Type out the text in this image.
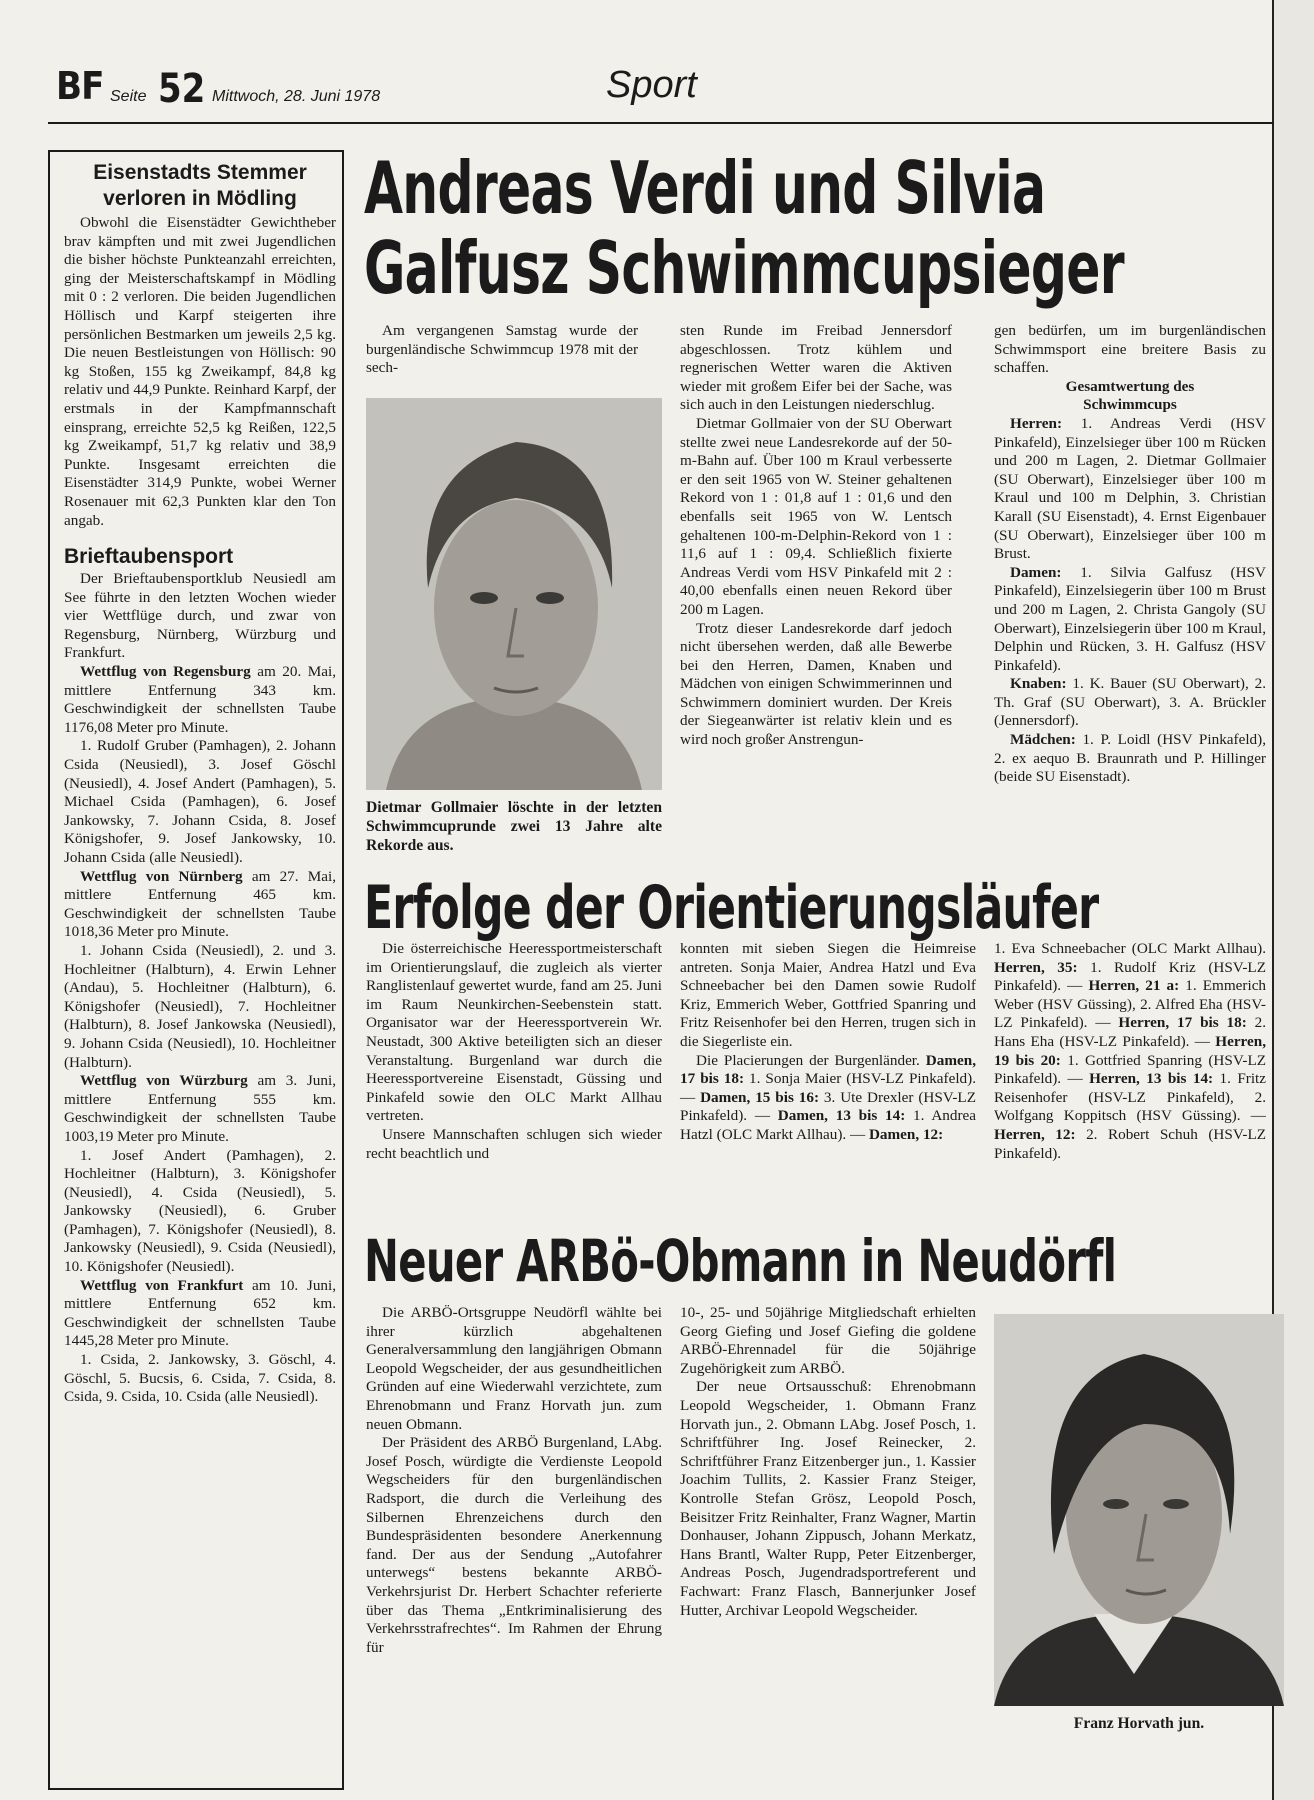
BF Seite 52 Mittwoch, 28. Juni 1978	Sport
Eisenstadts Stemmer
verloren in Mödling

Obwohl die Eisenstädter Gewichtheber brav kämpften und mit zwei Jugendlichen die bisher höchste Punkteanzahl erreichten, ging der Meisterschaftskampf in Mödling mit 0 : 2 verloren. Die beiden Jugendlichen Höllisch und Karpf steigerten ihre persönlichen Bestmarken um jeweils 2,5 kg. Die neuen Bestleistungen von Höllisch: 90 kg Stoßen, 155 kg Zweikampf, 84,8 kg relativ und 44,9 Punkte. Reinhard Karpf, der erstmals in der Kampfmannschaft einsprang, erreichte 52,5 kg Reißen, 122,5 kg Zweikampf, 51,7 kg relativ und 38,9 Punkte. Insgesamt erreichten die Eisenstädter 314,9 Punkte, wobei Werner Rosenauer mit 62,3 Punkten klar den Ton angab.

Brieftaubensport

Der Brieftaubensportklub Neusiedl am See führte in den letzten Wochen wieder vier Wettflüge durch, und zwar von Regensburg, Nürnberg, Würzburg und Frankfurt.

Wettflug von Regensburg am 20. Mai, mittlere Entfernung 343 km. Geschwindigkeit der schnellsten Taube 1176,08 Meter pro Minute.

1. Rudolf Gruber (Pamhagen), 2. Johann Csida (Neusiedl), 3. Josef Göschl (Neusiedl), 4. Josef Andert (Pamhagen), 5. Michael Csida (Pamhagen), 6. Josef Jankowsky, 7. Johann Csida, 8. Josef Königshofer, 9. Josef Jankowsky, 10. Johann Csida (alle Neusiedl).

Wettflug von Nürnberg am 27. Mai, mittlere Entfernung 465 km. Geschwindigkeit der schnellsten Taube 1018,36 Meter pro Minute.

1. Johann Csida (Neusiedl), 2. und 3. Hochleitner (Halbturn), 4. Erwin Lehner (Andau), 5. Hochleitner (Halbturn), 6. Königshofer (Neusiedl), 7. Hochleitner (Halbturn), 8. Josef Jankowska (Neusiedl), 9. Johann Csida (Neusiedl), 10. Hochleitner (Halbturn).

Wettflug von Würzburg am 3. Juni, mittlere Entfernung 555 km. Geschwindigkeit der schnellsten Taube 1003,19 Meter pro Minute.

1. Josef Andert (Pamhagen), 2. Hochleitner (Halbturn), 3. Königshofer (Neusiedl), 4. Csida (Neusiedl), 5. Jankowsky (Neusiedl), 6. Gruber (Pamhagen), 7. Königshofer (Neusiedl), 8. Jankowsky (Neusiedl), 9. Csida (Neusiedl), 10. Königshofer (Neusiedl).

Wettflug von Frankfurt am 10. Juni, mittlere Entfernung 652 km. Geschwindigkeit der schnellsten Taube 1445,28 Meter pro Minute.

1. Csida, 2. Jankowsky, 3. Göschl, 4. Göschl, 5. Bucsis, 6. Csida, 7. Csida, 8. Csida, 9. Csida, 10. Csida (alle Neusiedl).

Andreas Verdi und Silvia
Galfusz Schwimmcupsieger

Am vergangenen Samstag wurde der burgenländische Schwimmcup 1978 mit der sech-

Dietmar Gollmaier löschte in der letzten Schwimmcuprunde zwei 13 Jahre alte Rekorde aus.

sten Runde im Freibad Jennersdorf abgeschlossen. Trotz kühlem und regnerischen Wetter waren die Aktiven wieder mit großem Eifer bei der Sache, was sich auch in den Leistungen niederschlug.

Dietmar Gollmaier von der SU Oberwart stellte zwei neue Landesrekorde auf der 50-m-Bahn auf. Über 100 m Kraul verbesserte er den seit 1965 von W. Steiner gehaltenen Rekord von 1 : 01,8 auf 1 : 01,6 und den ebenfalls seit 1965 von W. Lentsch gehaltenen 100-m-Delphin-Rekord von 1 : 11,6 auf 1 : 09,4. Schließlich fixierte Andreas Verdi vom HSV Pinkafeld mit 2 : 40,00 ebenfalls einen neuen Rekord über 200 m Lagen.

Trotz dieser Landesrekorde darf jedoch nicht übersehen werden, daß alle Bewerbe bei den Herren, Damen, Knaben und Mädchen von einigen Schwimmerinnen und Schwimmern dominiert wurden. Der Kreis der Siegeanwärter ist relativ klein und es wird noch großer Anstrengun-

gen bedürfen, um im burgenländischen Schwimmsport eine breitere Basis zu schaffen.

Gesamtwertung des

Schwimmcups

Herren: 1. Andreas Verdi (HSV Pinkafeld), Einzelsieger über 100 m Rücken und 200 m Lagen, 2. Dietmar Gollmaier (SU Oberwart), Einzelsieger über 100 m Kraul und 100 m Delphin, 3. Christian Karall (SU Eisenstadt), 4. Ernst Eigenbauer (SU Oberwart), Einzelsieger über 100 m Brust.

Damen: 1. Silvia Galfusz (HSV Pinkafeld), Einzelsiegerin über 100 m Brust und 200 m Lagen, 2. Christa Gangoly (SU Oberwart), Einzelsiegerin über 100 m Kraul, Delphin und Rücken, 3. H. Galfusz (HSV Pinkafeld).

Knaben: 1. K. Bauer (SU Oberwart), 2. Th. Graf (SU Oberwart), 3. A. Brückler (Jennersdorf).

Mädchen: 1. P. Loidl (HSV Pinkafeld), 2. ex aequo B. Braunrath und P. Hillinger (beide SU Eisenstadt).

Erfolge der Orientierungsläufer

Die österreichische Heeressportmeisterschaft im Orientierungslauf, die zugleich als vierter Ranglistenlauf gewertet wurde, fand am 25. Juni im Raum Neunkirchen-Seebenstein statt. Organisator war der Heeressportverein Wr. Neustadt, 300 Aktive beteiligten sich an dieser Veranstaltung. Burgenland war durch die Heeressportvereine Eisenstadt, Güssing und Pinkafeld sowie den OLC Markt Allhau vertreten.

Unsere Mannschaften schlugen sich wieder recht beachtlich und

konnten mit sieben Siegen die Heimreise antreten. Sonja Maier, Andrea Hatzl und Eva Schneebacher bei den Damen sowie Rudolf Kriz, Emmerich Weber, Gottfried Spanring und Fritz Reisenhofer bei den Herren, trugen sich in die Siegerliste ein.

Die Placierungen der Burgenländer. Damen, 17 bis 18: 1. Sonja Maier (HSV-LZ Pinkafeld). — Damen, 15 bis 16: 3. Ute Drexler (HSV-LZ Pinkafeld). — Damen, 13 bis 14: 1. Andrea Hatzl (OLC Markt Allhau). — Damen, 12:

1. Eva Schneebacher (OLC Markt Allhau). Herren, 35: 1. Rudolf Kriz (HSV-LZ Pinkafeld). — Herren, 21 a: 1. Emmerich Weber (HSV Güssing), 2. Alfred Eha (HSV-LZ Pinkafeld). — Herren, 17 bis 18: 2. Hans Eha (HSV-LZ Pinkafeld). — Herren, 19 bis 20: 1. Gottfried Spanring (HSV-LZ Pinkafeld). — Herren, 13 bis 14: 1. Fritz Reisenhofer (HSV-LZ Pinkafeld), 2. Wolfgang Koppitsch (HSV Güssing). — Herren, 12: 2. Robert Schuh (HSV-LZ Pinkafeld).

Neuer ARBö-Obmann in Neudörfl

Die ARBÖ-Ortsgruppe Neudörfl wählte bei ihrer kürzlich abgehaltenen Generalversammlung den langjährigen Obmann Leopold Wegscheider, der aus gesundheitlichen Gründen auf eine Wiederwahl verzichtete, zum Ehrenobmann und Franz Horvath jun. zum neuen Obmann.

Der Präsident des ARBÖ Burgenland, LAbg. Josef Posch, würdigte die Verdienste Leopold Wegscheiders für den burgenländischen Radsport, die durch die Verleihung des Silbernen Ehrenzeichens durch den Bundespräsidenten besondere Anerkennung fand. Der aus der Sendung „Autofahrer unterwegs“ bestens bekannte ARBÖ-Verkehrsjurist Dr. Herbert Schachter referierte über das Thema „Entkriminalisierung des Verkehrsstrafrechtes“. Im Rahmen der Ehrung für

10-, 25- und 50jährige Mitgliedschaft erhielten Georg Giefing und Josef Giefing die goldene ARBÖ-Ehrennadel für die 50jährige Zugehörigkeit zum ARBÖ.

Der neue Ortsausschuß: Ehrenobmann Leopold Wegscheider, 1. Obmann Franz Horvath jun., 2. Obmann LAbg. Josef Posch, 1. Schriftführer Ing. Josef Reinecker, 2. Schriftführer Franz Eitzenberger jun., 1. Kassier Joachim Tullits, 2. Kassier Franz Steiger, Kontrolle Stefan Grösz, Leopold Posch, Beisitzer Fritz Reinhalter, Franz Wagner, Martin Donhauser, Johann Zippusch, Johann Merkatz, Hans Brantl, Walter Rupp, Peter Eitzenberger, Andreas Posch, Jugendradsportreferent und Fachwart: Franz Flasch, Bannerjunker Josef Hutter, Archivar Leopold Wegscheider.

Franz Horvath jun.
